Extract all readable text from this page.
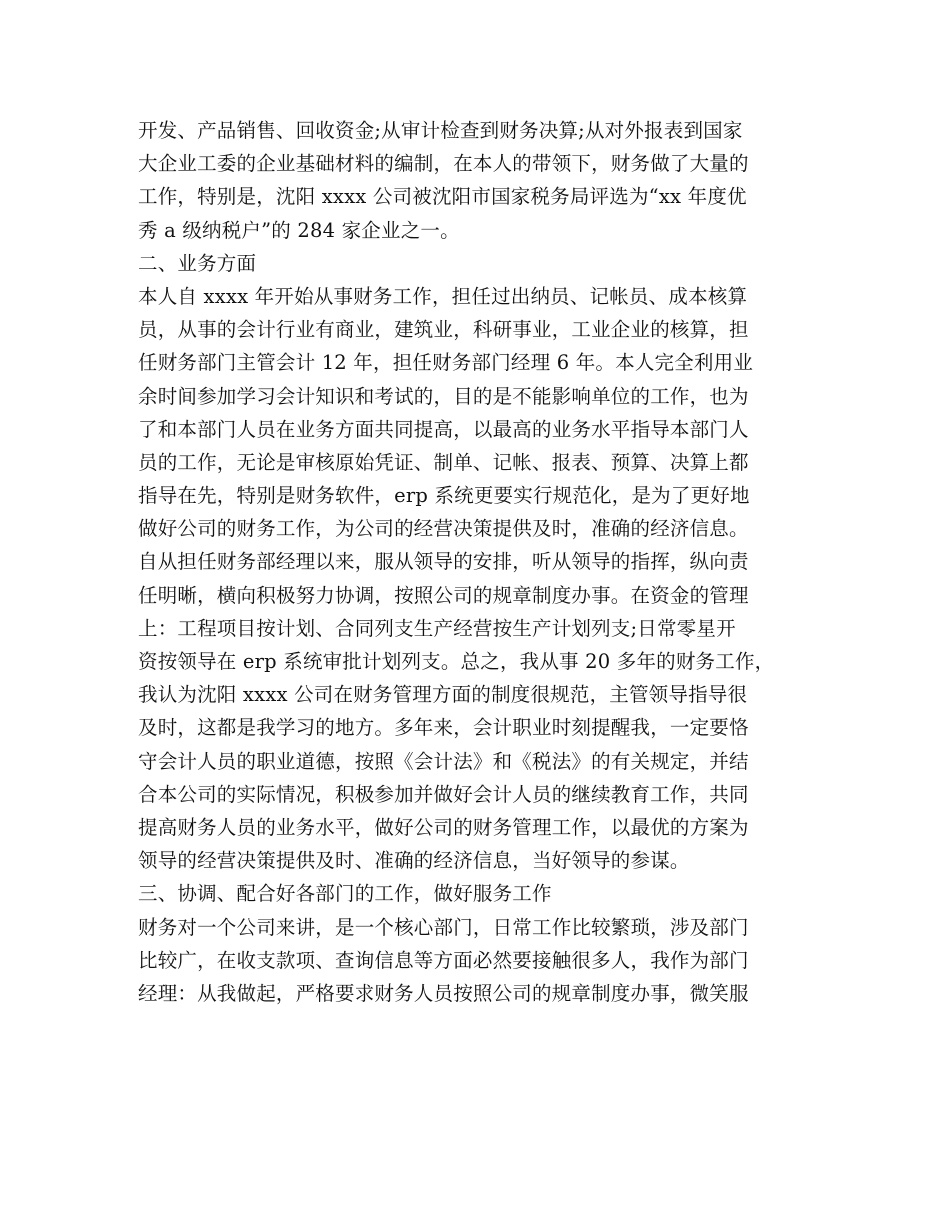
开发、产品销售、回收资金;从审计检查到财务决算;从对外报表到国家
大企业工委的企业基础材料的编制，在本人的带领下，财务做了大量的
工作，特别是，沈阳 xxxx 公司被沈阳市国家税务局评选为“xx 年度优
秀 a 级纳税户”的 284 家企业之一。
二、业务方面
本人自 xxxx 年开始从事财务工作，担任过出纳员、记帐员、成本核算
员，从事的会计行业有商业，建筑业，科研事业，工业企业的核算，担
任财务部门主管会计 12 年，担任财务部门经理 6 年。本人完全利用业
余时间参加学习会计知识和考试的，目的是不能影响单位的工作，也为
了和本部门人员在业务方面共同提高，以最高的业务水平指导本部门人
员的工作，无论是审核原始凭证、制单、记帐、报表、预算、决算上都
指导在先，特别是财务软件，erp 系统更要实行规范化，是为了更好地
做好公司的财务工作，为公司的经营决策提供及时，准确的经济信息。
自从担任财务部经理以来，服从领导的安排，听从领导的指挥，纵向责
任明晰，横向积极努力协调，按照公司的规章制度办事。在资金的管理
上：工程项目按计划、合同列支生产经营按生产计划列支;日常零星开
资按领导在 erp 系统审批计划列支。总之，我从事 20 多年的财务工作，
我认为沈阳 xxxx 公司在财务管理方面的制度很规范，主管领导指导很
及时，这都是我学习的地方。多年来，会计职业时刻提醒我，一定要恪
守会计人员的职业道德，按照《会计法》和《税法》的有关规定，并结
合本公司的实际情况，积极参加并做好会计人员的继续教育工作，共同
提高财务人员的业务水平，做好公司的财务管理工作，以最优的方案为
领导的经营决策提供及时、准确的经济信息，当好领导的参谋。
三、协调、配合好各部门的工作，做好服务工作
财务对一个公司来讲，是一个核心部门，日常工作比较繁琐，涉及部门
比较广，在收支款项、查询信息等方面必然要接触很多人，我作为部门
经理：从我做起，严格要求财务人员按照公司的规章制度办事，微笑服
